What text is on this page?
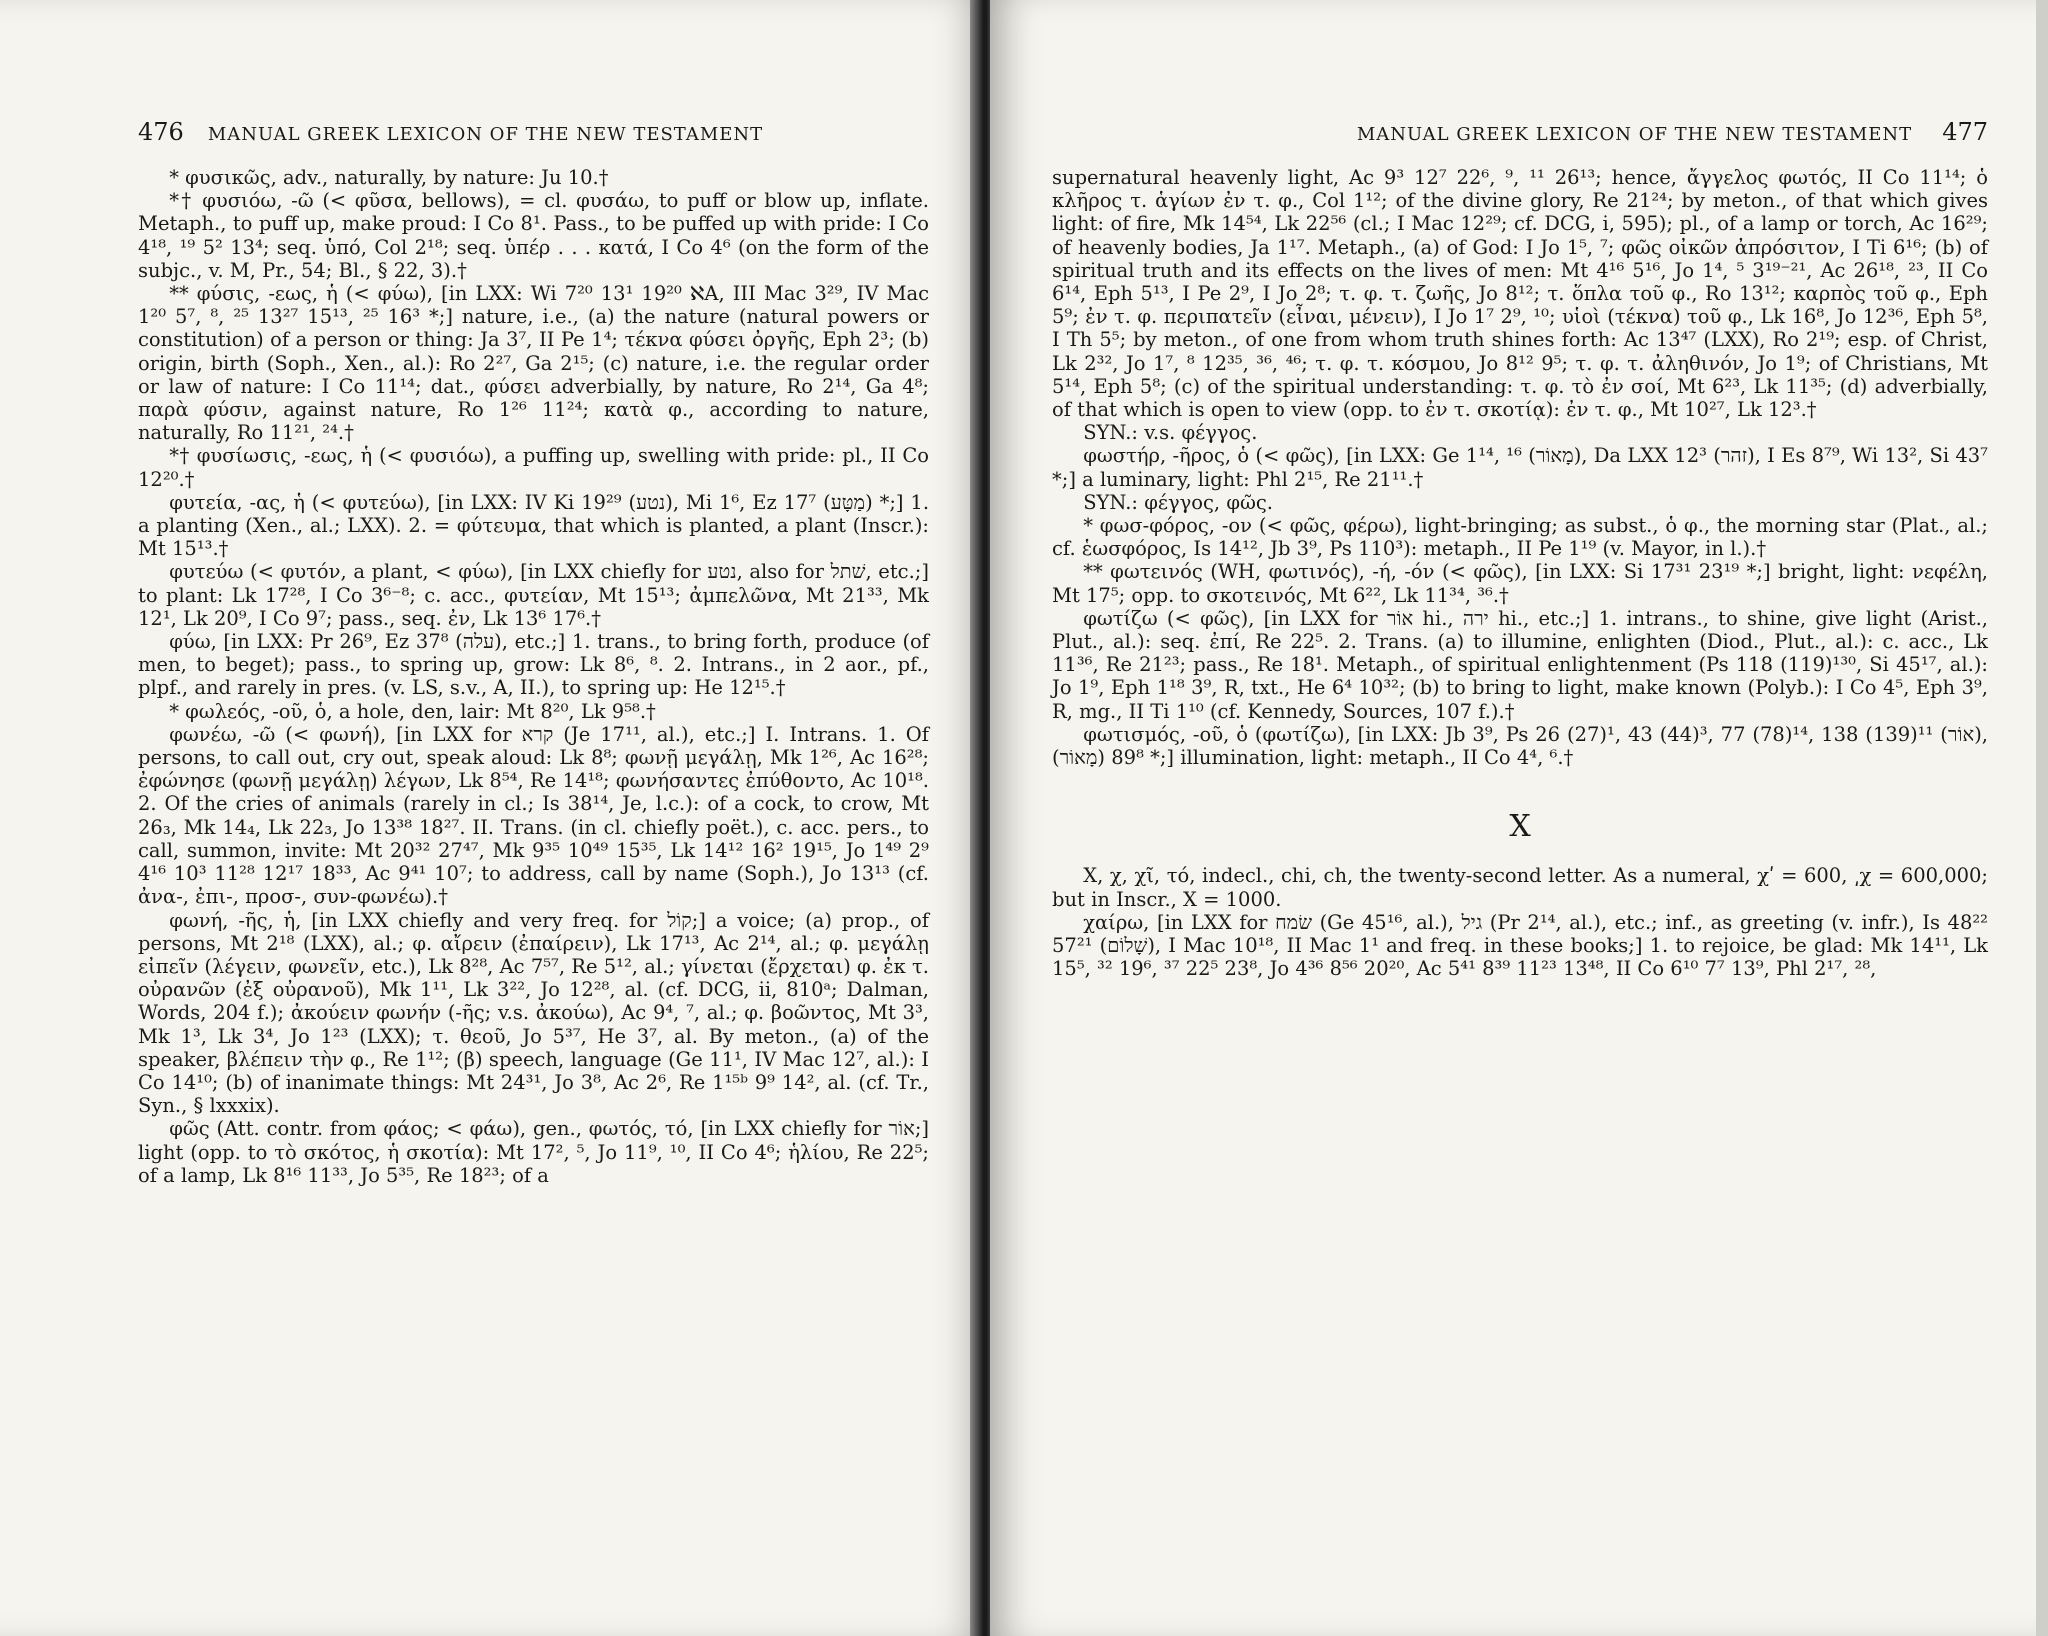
476 MANUAL GREEK LEXICON OF THE NEW TESTAMENT

* φυσικῶς, adv., naturally, by nature: Ju 10.†

*† φυσιόω, -ῶ (< φῦσα, bellows), = cl. φυσάω, to puff or blow up, inflate. Metaph., to puff up, make proud: I Co 8¹. Pass., to be puffed up with pride: I Co 4¹⁸, ¹⁹ 5² 13⁴; seq. ὑπό, Col 2¹⁸; seq. ὑπέρ . . . κατά, I Co 4⁶ (on the form of the subjc., v. M, Pr., 54; Bl., § 22, 3).†

** φύσις, -εως, ἡ (< φύω), [in LXX: Wi 7²⁰ 13¹ 19²⁰ ℵA, III Mac 3²⁹, IV Mac 1²⁰ 5⁷, ⁸, ²⁵ 13²⁷ 15¹³, ²⁵ 16³ *;] nature, i.e., (a) the nature (natural powers or constitution) of a person or thing: Ja 3⁷, II Pe 1⁴; τέκνα φύσει ὀργῆς, Eph 2³; (b) origin, birth (Soph., Xen., al.): Ro 2²⁷, Ga 2¹⁵; (c) nature, i.e. the regular order or law of nature: I Co 11¹⁴; dat., φύσει adverbially, by nature, Ro 2¹⁴, Ga 4⁸; παρὰ φύσιν, against nature, Ro 1²⁶ 11²⁴; κατὰ φ., according to nature, naturally, Ro 11²¹, ²⁴.†

*† φυσίωσις, -εως, ἡ (< φυσιόω), a puffing up, swelling with pride: pl., II Co 12²⁰.†

φυτεία, -ας, ἡ (< φυτεύω), [in LXX: IV Ki 19²⁹ (נטע), Mi 1⁶, Ez 17⁷ (מַטָּע) *;] 1. a planting (Xen., al.; LXX). 2. = φύτευμα, that which is planted, a plant (Inscr.): Mt 15¹³.†

φυτεύω (< φυτόν, a plant, < φύω), [in LXX chiefly for נטע, also for שׁתל, etc.;] to plant: Lk 17²⁸, I Co 3⁶⁻⁸; c. acc., φυτείαν, Mt 15¹³; ἀμπελῶνα, Mt 21³³, Mk 12¹, Lk 20⁹, I Co 9⁷; pass., seq. ἐν, Lk 13⁶ 17⁶.†

φύω, [in LXX: Pr 26⁹, Ez 37⁸ (עלה), etc.;] 1. trans., to bring forth, produce (of men, to beget); pass., to spring up, grow: Lk 8⁶, ⁸. 2. Intrans., in 2 aor., pf., plpf., and rarely in pres. (v. LS, s.v., A, II.), to spring up: He 12¹⁵.†

* φωλεός, -οῦ, ὁ, a hole, den, lair: Mt 8²⁰, Lk 9⁵⁸.†

φωνέω, -ῶ (< φωνή), [in LXX for קרא (Je 17¹¹, al.), etc.;] I. Intrans. 1. Of persons, to call out, cry out, speak aloud: Lk 8⁸; φωνῇ μεγάλῃ, Mk 1²⁶, Ac 16²⁸; ἐφώνησε (φωνῇ μεγάλῃ) λέγων, Lk 8⁵⁴, Re 14¹⁸; φωνήσαντες ἐπύθοντο, Ac 10¹⁸. 2. Of the cries of animals (rarely in cl.; Is 38¹⁴, Je, l.c.): of a cock, to crow, Mt 26₃, Mk 14₄, Lk 22₃, Jo 13³⁸ 18²⁷. II. Trans. (in cl. chiefly poët.), c. acc. pers., to call, summon, invite: Mt 20³² 27⁴⁷, Mk 9³⁵ 10⁴⁹ 15³⁵, Lk 14¹² 16² 19¹⁵, Jo 1⁴⁹ 2⁹ 4¹⁶ 10³ 11²⁸ 12¹⁷ 18³³, Ac 9⁴¹ 10⁷; to address, call by name (Soph.), Jo 13¹³ (cf. ἀνα-, ἐπι-, προσ-, συν-φωνέω).†

φωνή, -ῆς, ἡ, [in LXX chiefly and very freq. for קוֹל;] a voice; (a) prop., of persons, Mt 2¹⁸ (LXX), al.; φ. αἴρειν (ἐπαίρειν), Lk 17¹³, Ac 2¹⁴, al.; φ. μεγάλῃ εἰπεῖν (λέγειν, φωνεῖν, etc.), Lk 8²⁸, Ac 7⁵⁷, Re 5¹², al.; γίνεται (ἔρχεται) φ. ἐκ τ. οὐρανῶν (ἐξ οὐρανοῦ), Mk 1¹¹, Lk 3²², Jo 12²⁸, al. (cf. DCG, ii, 810ᵃ; Dalman, Words, 204 f.); ἀκούειν φωνήν (-ῆς; v.s. ἀκούω), Ac 9⁴, ⁷, al.; φ. βοῶντος, Mt 3³, Mk 1³, Lk 3⁴, Jo 1²³ (LXX); τ. θεοῦ, Jo 5³⁷, He 3⁷, al. By meton., (a) of the speaker, βλέπειν τὴν φ., Re 1¹²; (β) speech, language (Ge 11¹, IV Mac 12⁷, al.): I Co 14¹⁰; (b) of inanimate things: Mt 24³¹, Jo 3⁸, Ac 2⁶, Re 1¹⁵ᵇ 9⁹ 14², al. (cf. Tr., Syn., § lxxxix).

φῶς (Att. contr. from φάος; < φάω), gen., φωτός, τό, [in LXX chiefly for אוֹר;] light (opp. to τὸ σκότος, ἡ σκοτία): Mt 17², ⁵, Jo 11⁹, ¹⁰, II Co 4⁶; ἡλίου, Re 22⁵; of a lamp, Lk 8¹⁶ 11³³, Jo 5³⁵, Re 18²³; of a

MANUAL GREEK LEXICON OF THE NEW TESTAMENT 477

supernatural heavenly light, Ac 9³ 12⁷ 22⁶, ⁹, ¹¹ 26¹³; hence, ἄγγελος φωτός, II Co 11¹⁴; ὁ κλῆρος τ. ἁγίων ἐν τ. φ., Col 1¹²; of the divine glory, Re 21²⁴; by meton., of that which gives light: of fire, Mk 14⁵⁴, Lk 22⁵⁶ (cl.; I Mac 12²⁹; cf. DCG, i, 595); pl., of a lamp or torch, Ac 16²⁹; of heavenly bodies, Ja 1¹⁷. Metaph., (a) of God: I Jo 1⁵, ⁷; φῶς οἰκῶν ἀπρόσιτον, I Ti 6¹⁶; (b) of spiritual truth and its effects on the lives of men: Mt 4¹⁶ 5¹⁶, Jo 1⁴, ⁵ 3¹⁹⁻²¹, Ac 26¹⁸, ²³, II Co 6¹⁴, Eph 5¹³, I Pe 2⁹, I Jo 2⁸; τ. φ. τ. ζωῆς, Jo 8¹²; τ. ὅπλα τοῦ φ., Ro 13¹²; καρπὸς τοῦ φ., Eph 5⁹; ἐν τ. φ. περιπατεῖν (εἶναι, μένειν), I Jo 1⁷ 2⁹, ¹⁰; υἱοὶ (τέκνα) τοῦ φ., Lk 16⁸, Jo 12³⁶, Eph 5⁸, I Th 5⁵; by meton., of one from whom truth shines forth: Ac 13⁴⁷ (LXX), Ro 2¹⁹; esp. of Christ, Lk 2³², Jo 1⁷, ⁸ 12³⁵, ³⁶, ⁴⁶; τ. φ. τ. κόσμου, Jo 8¹² 9⁵; τ. φ. τ. ἀληθινόν, Jo 1⁹; of Christians, Mt 5¹⁴, Eph 5⁸; (c) of the spiritual understanding: τ. φ. τὸ ἐν σοί, Mt 6²³, Lk 11³⁵; (d) adverbially, of that which is open to view (opp. to ἐν τ. σκοτίᾳ): ἐν τ. φ., Mt 10²⁷, Lk 12³.†

SYN.: v.s. φέγγος.

φωστήρ, -ῆρος, ὁ (< φῶς), [in LXX: Ge 1¹⁴, ¹⁶ (מָאוֹר), Da LXX 12³ (זהר), I Es 8⁷⁹, Wi 13², Si 43⁷ *;] a luminary, light: Phl 2¹⁵, Re 21¹¹.†

SYN.: φέγγος, φῶς.

* φωσ-φόρος, -ον (< φῶς, φέρω), light-bringing; as subst., ὁ φ., the morning star (Plat., al.; cf. ἑωσφόρος, Is 14¹², Jb 3⁹, Ps 110³): metaph., II Pe 1¹⁹ (v. Mayor, in l.).†

** φωτεινός (WH, φωτινός), -ή, -όν (< φῶς), [in LXX: Si 17³¹ 23¹⁹ *;] bright, light: νεφέλη, Mt 17⁵; opp. to σκοτεινός, Mt 6²², Lk 11³⁴, ³⁶.†

φωτίζω (< φῶς), [in LXX for אוֹר hi., ירה hi., etc.;] 1. intrans., to shine, give light (Arist., Plut., al.): seq. ἐπί, Re 22⁵. 2. Trans. (a) to illumine, enlighten (Diod., Plut., al.): c. acc., Lk 11³⁶, Re 21²³; pass., Re 18¹. Metaph., of spiritual enlightenment (Ps 118 (119)¹³⁰, Si 45¹⁷, al.): Jo 1⁹, Eph 1¹⁸ 3⁹, R, txt., He 6⁴ 10³²; (b) to bring to light, make known (Polyb.): I Co 4⁵, Eph 3⁹, R, mg., II Ti 1¹⁰ (cf. Kennedy, Sources, 107 f.).†

φωτισμός, -οῦ, ὁ (φωτίζω), [in LXX: Jb 3⁹, Ps 26 (27)¹, 43 (44)³, 77 (78)¹⁴, 138 (139)¹¹ (אוֹר), 89⁸ (מָאוֹר) *;] illumination, light: metaph., II Co 4⁴, ⁶.†

X

Χ, χ, χῖ, τό, indecl., chi, ch, the twenty-second letter. As a numeral, χʹ = 600, ͵χ = 600,000; but in Inscr., X = 1000.

χαίρω, [in LXX for שׂמח (Ge 45¹⁶, al.), גיל (Pr 2¹⁴, al.), etc.; inf., as greeting (v. infr.), Is 48²² 57²¹ (שָׁלוֹם), I Mac 10¹⁸, II Mac 1¹ and freq. in these books;] 1. to rejoice, be glad: Mk 14¹¹, Lk 15⁵, ³² 19⁶, ³⁷ 22⁵ 23⁸, Jo 4³⁶ 8⁵⁶ 20²⁰, Ac 5⁴¹ 8³⁹ 11²³ 13⁴⁸, II Co 6¹⁰ 7⁷ 13⁹, Phl 2¹⁷, ²⁸,
